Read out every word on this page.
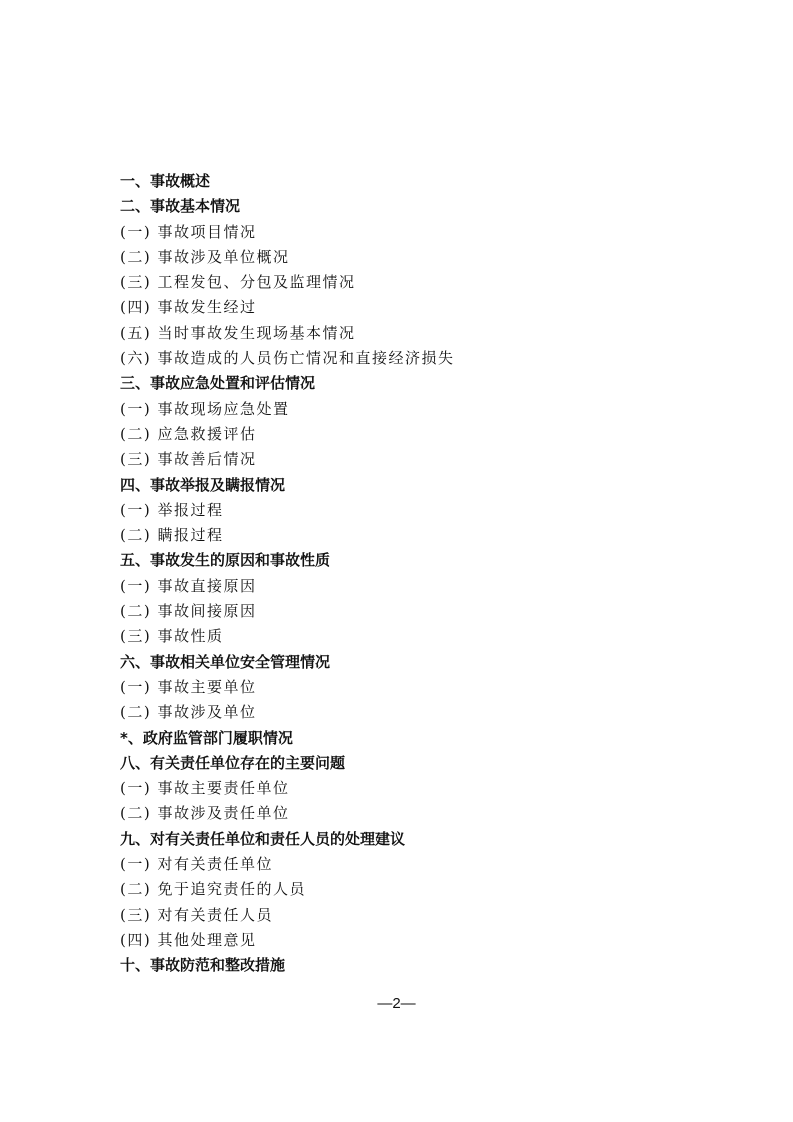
一、事故概述
二、事故基本情况
(一) 事故项目情况
(二) 事故涉及单位概况
(三) 工程发包、分包及监理情况
(四) 事故发生经过
(五) 当时事故发生现场基本情况
(六) 事故造成的人员伤亡情况和直接经济损失
三、事故应急处置和评估情况
(一) 事故现场应急处置
(二) 应急救援评估
(三) 事故善后情况
四、事故举报及瞒报情况
(一) 举报过程
(二) 瞒报过程
五、事故发生的原因和事故性质
(一) 事故直接原因
(二) 事故间接原因
(三) 事故性质
六、事故相关单位安全管理情况
(一) 事故主要单位
(二) 事故涉及单位
*、政府监管部门履职情况
八、有关责任单位存在的主要问题
(一) 事故主要责任单位
(二) 事故涉及责任单位
九、对有关责任单位和责任人员的处理建议
(一) 对有关责任单位
(二) 免于追究责任的人员
(三) 对有关责任人员
(四) 其他处理意见
十、事故防范和整改措施
—2—
